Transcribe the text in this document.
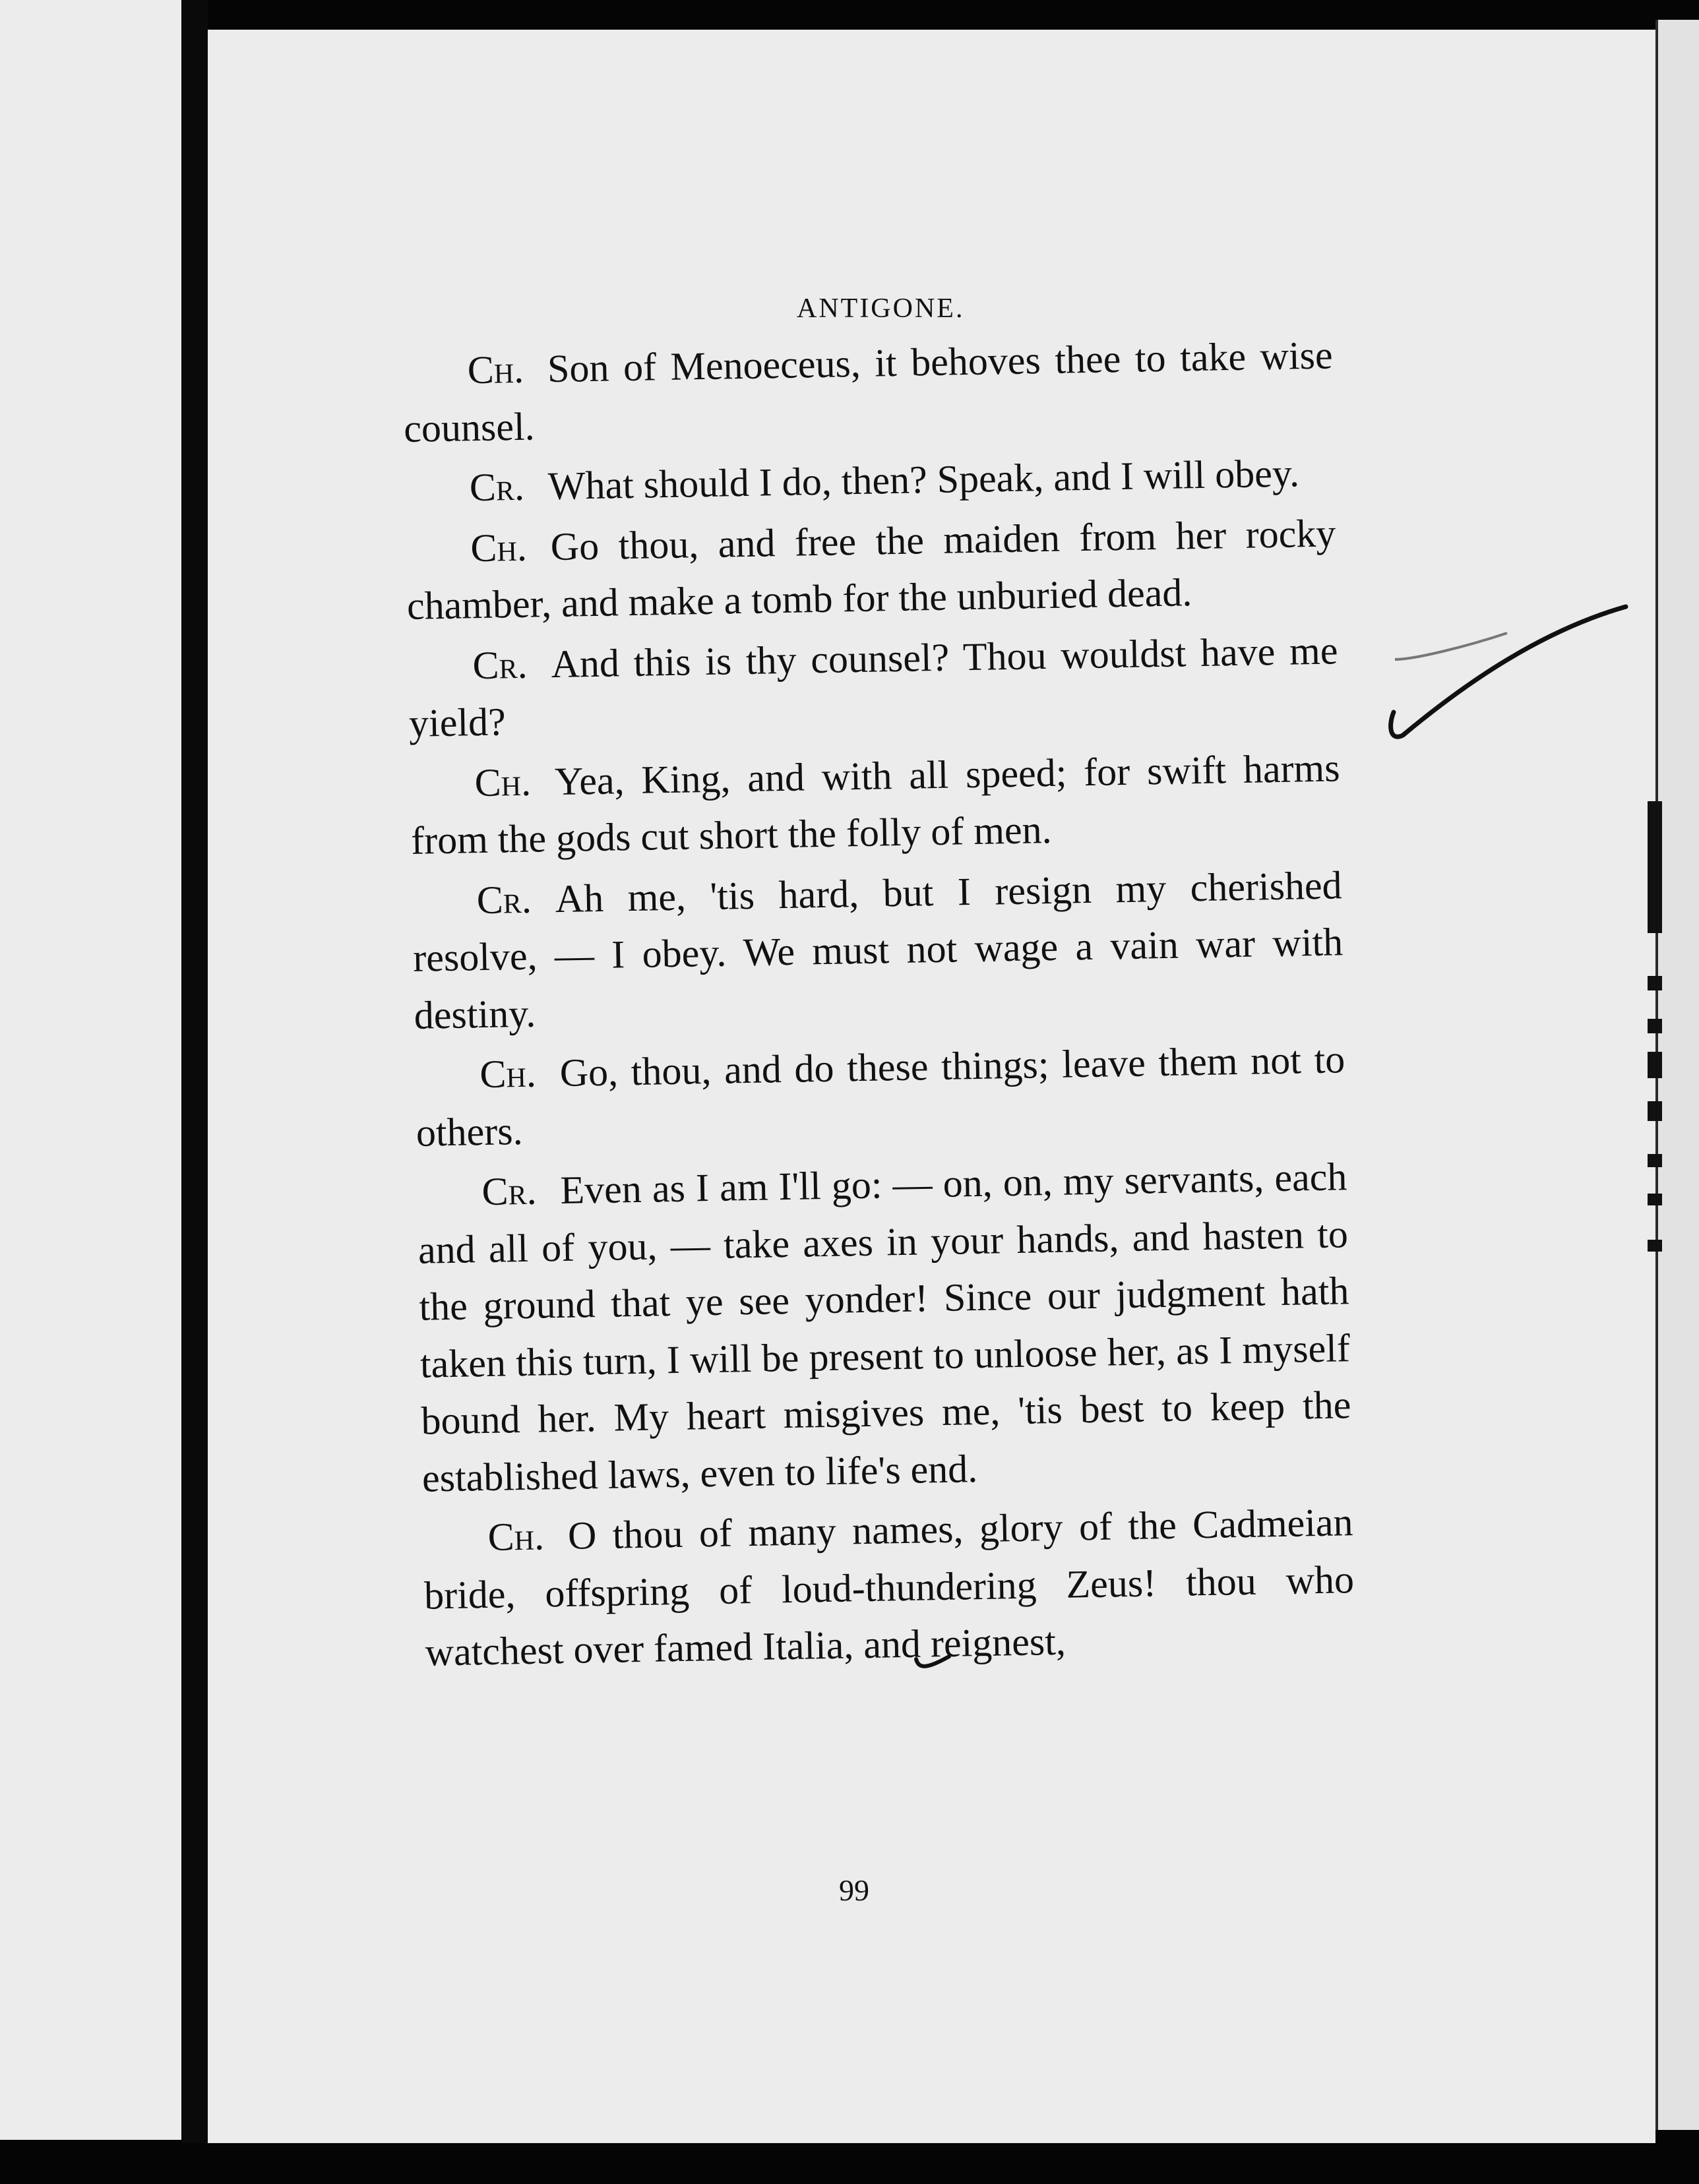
ANTIGONE.

Ch. Son of Menoeceus, it behoves thee to take wise counsel.

Cr. What should I do, then? Speak, and I will obey.

Ch. Go thou, and free the maiden from her rocky chamber, and make a tomb for the unburied dead.

Cr. And this is thy counsel? Thou wouldst have me yield?

Ch. Yea, King, and with all speed; for swift harms from the gods cut short the folly of men.

Cr. Ah me, 'tis hard, but I resign my cherished resolve, — I obey. We must not wage a vain war with destiny.

Ch. Go, thou, and do these things; leave them not to others.

Cr. Even as I am I'll go: — on, on, my servants, each and all of you, — take axes in your hands, and hasten to the ground that ye see yonder! Since our judgment hath taken this turn, I will be present to unloose her, as I myself bound her. My heart misgives me, 'tis best to keep the established laws, even to life's end.

Ch. O thou of many names, glory of the Cadmeian bride, offspring of loud-thundering Zeus! thou who watchest over famed Italia, and reignest,

99
